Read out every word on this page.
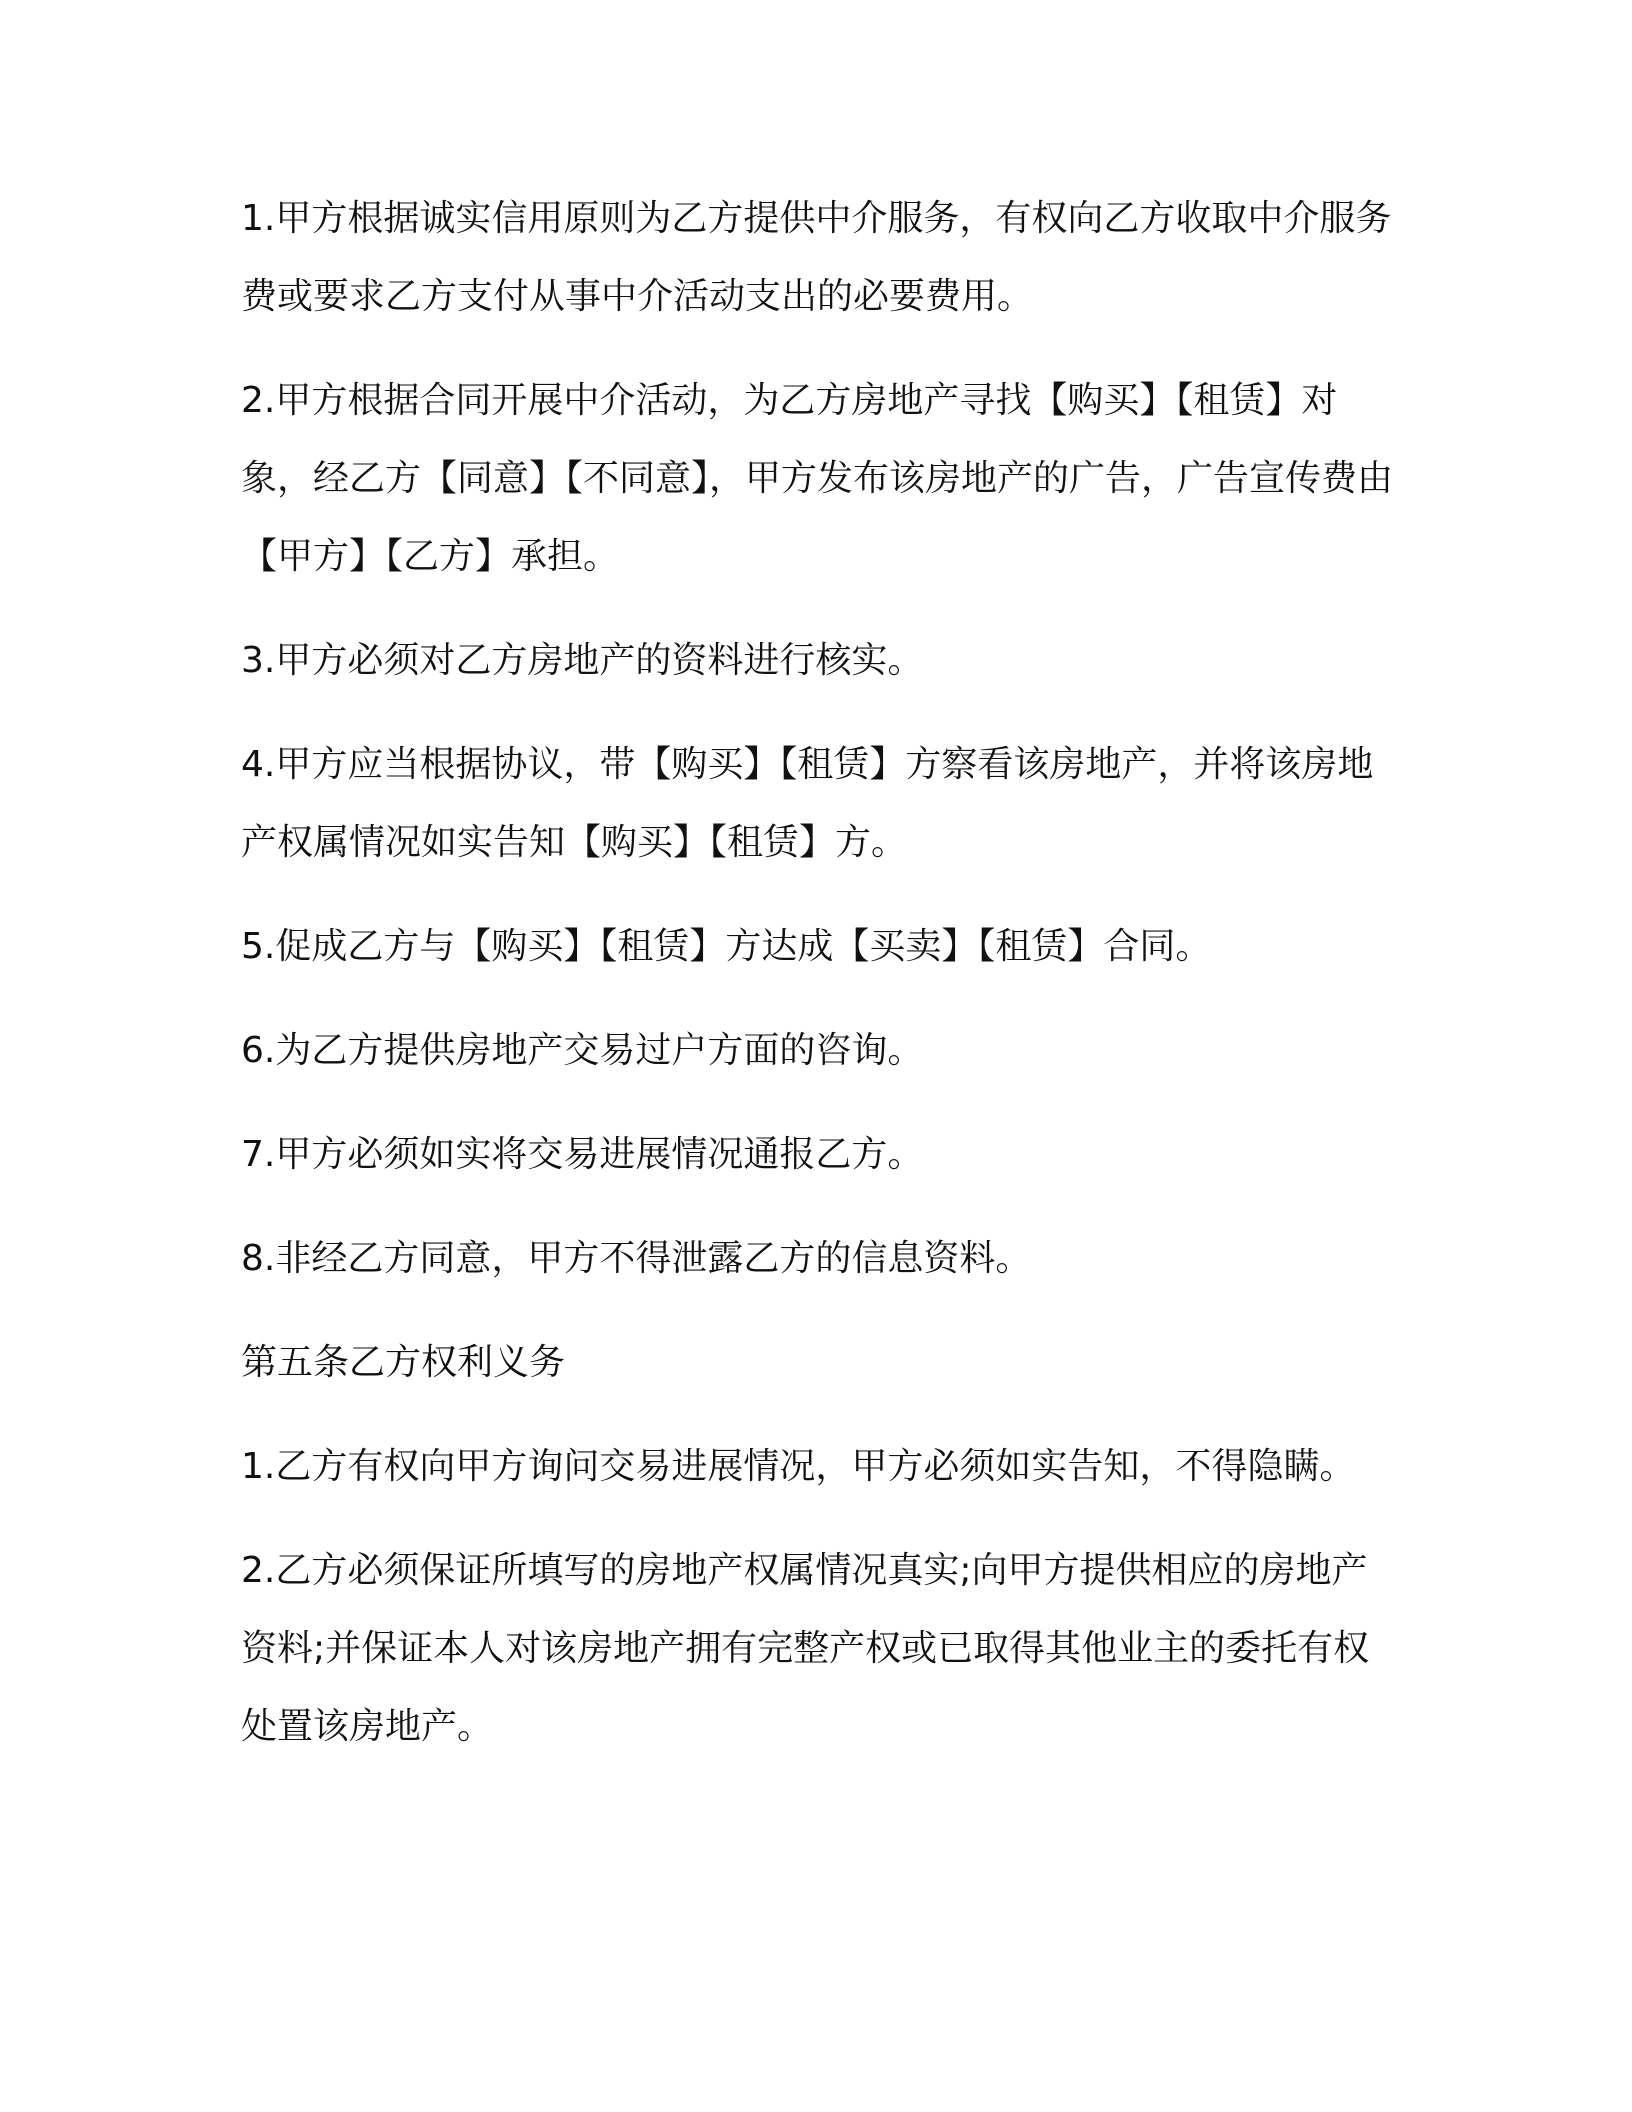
1.甲方根据诚实信用原则为乙方提供中介服务，有权向乙方收取中介服务费或要求乙方支付从事中介活动支出的必要费用。

2.甲方根据合同开展中介活动，为乙方房地产寻找【购买】【租赁】对象，经乙方【同意】【不同意】，甲方发布该房地产的广告，广告宣传费由【甲方】【乙方】承担。

3.甲方必须对乙方房地产的资料进行核实。

4.甲方应当根据协议，带【购买】【租赁】方察看该房地产，并将该房地产权属情况如实告知【购买】【租赁】方。

5.促成乙方与【购买】【租赁】方达成【买卖】【租赁】合同。

6.为乙方提供房地产交易过户方面的咨询。

7.甲方必须如实将交易进展情况通报乙方。

8.非经乙方同意，甲方不得泄露乙方的信息资料。

第五条乙方权利义务

1.乙方有权向甲方询问交易进展情况，甲方必须如实告知，不得隐瞒。

2.乙方必须保证所填写的房地产权属情况真实;向甲方提供相应的房地产资料;并保证本人对该房地产拥有完整产权或已取得其他业主的委托有权处置该房地产。
